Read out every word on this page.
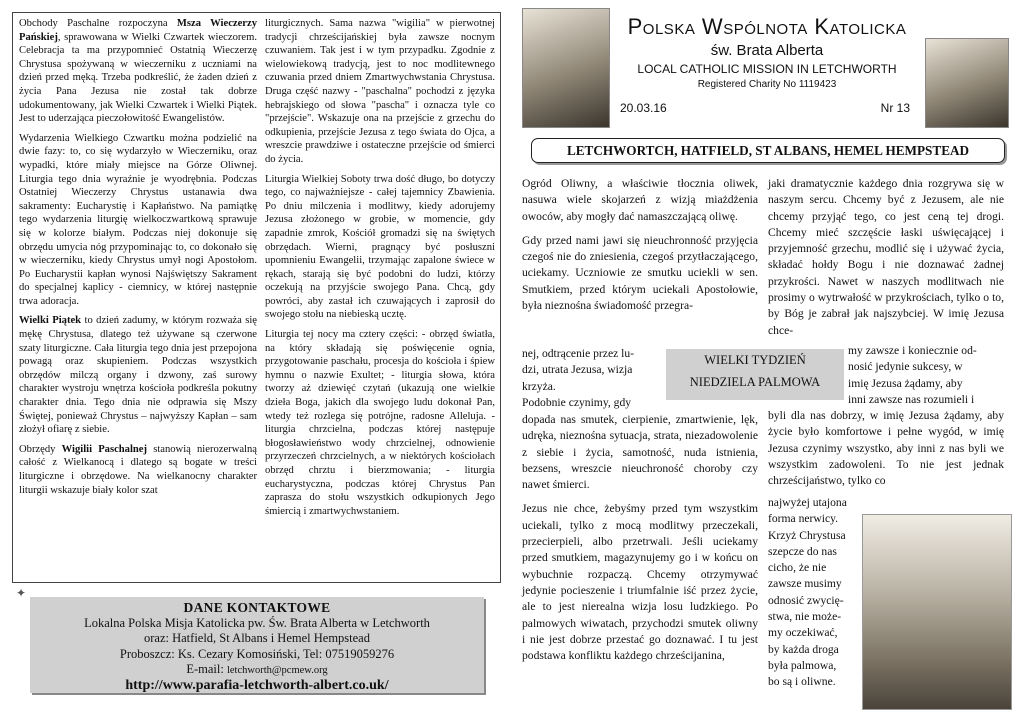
Obchody Paschalne rozpoczyna Msza Wieczerzy Pańskiej, sprawowana w Wielki Czwartek wieczorem. Celebracja ta ma przypomnieć Ostatnią Wieczerzę Chrystusa spożywaną w wieczerniku z uczniami na dzień przed męką. Trzeba podkreślić, że żaden dzień z życia Pana Jezusa nie został tak dobrze udokumentowany, jak Wielki Czwartek i Wielki Piątek. Jest to uderzająca pieczołowitość Ewangelistów.

Wydarzenia Wielkiego Czwartku można podzielić na dwie fazy: to, co się wydarzyło w Wieczerniku, oraz wypadki, które miały miejsce na Górze Oliwnej. Liturgia tego dnia wyraźnie je wyodrębnia. Podczas Ostatniej Wieczerzy Chrystus ustanawia dwa sakramenty: Eucharystię i Kapłaństwo. Na pamiątkę tego wydarzenia liturgię wielkoczwartkową sprawuje się w kolorze białym. Podczas niej dokonuje się obrzędu umycia nóg przypominając to, co dokonało się w wieczerniku, kiedy Chrystus umył nogi Apostołom. Po Eucharystii kapłan wynosi Najświętszy Sakrament do specjalnej kaplicy - ciemnicy, w której następnie trwa adoracja.

Wielki Piątek to dzień zadumy, w którym rozważa się mękę Chrystusa, dlatego też używane są czerwone szaty liturgiczne. Cała liturgia tego dnia jest przepojona powagą oraz skupieniem. Podczas wszystkich obrzędów milczą organy i dzwony, zaś surowy charakter wystroju wnętrza kościoła podkreśla pokutny charakter dnia. Tego dnia nie odprawia się Mszy Świętej, ponieważ Chrystus – najwyższy Kapłan – sam złożył ofiarę z siebie.

Obrzędy Wigilii Paschalnej stanowią nierozerwalną całość z Wielkanocą i dlatego są bogate w treści liturgiczne i obrzędowe. Na wielkanocny charakter liturgii wskazuje biały kolor szat

liturgicznych. Sama nazwa "wigilia" w pierwotnej tradycji chrześcijańskiej była zawsze nocnym czuwaniem. Tak jest i w tym przypadku. Zgodnie z wielowiekową tradycją, jest to noc modlitewnego czuwania przed dniem Zmartwychwstania Chrystusa. Druga część nazwy - "paschalna" pochodzi z języka hebrajskiego od słowa "pascha" i oznacza tyle co "przejście". Wskazuje ona na przejście z grzechu do odkupienia, przejście Jezusa z tego świata do Ojca, a wreszcie prawdziwe i ostateczne przejście od śmierci do życia.

Liturgia Wielkiej Soboty trwa dość długo, bo dotyczy tego, co najważniejsze - całej tajemnicy Zbawienia. Po dniu milczenia i modlitwy, kiedy adorujemy Jezusa złożonego w grobie, w momencie, gdy zapadnie zmrok, Kościół gromadzi się na świętych obrzędach. Wierni, pragnący być posłuszni upomnieniu Ewangelii, trzymając zapalone świece w rękach, starają się być podobni do ludzi, którzy oczekują na przyjście swojego Pana. Chcą, gdy powróci, aby zastał ich czuwających i zaprosił do swojego stołu na niebieską ucztę.

Liturgia tej nocy ma cztery części: - obrzęd światła, na który składają się poświęcenie ognia, przygotowanie paschału, procesja do kościoła i śpiew hymnu o nazwie Exultet; - liturgia słowa, która tworzy aż dziewięć czytań (ukazują one wielkie dzieła Boga, jakich dla swojego ludu dokonał Pan, wtedy też rozlega się potrójne, radosne Alleluja. - liturgia chrzcielna, podczas której następuje błogosławieństwo wody chrzcielnej, odnowienie przyrzeczeń chrzcielnych, a w niektórych kościołach obrzęd chrztu i bierzmowania; - liturgia eucharystyczna, podczas której Chrystus Pan zaprasza do stołu wszystkich odkupionych Jego śmiercią i zmartwychwstaniem.

✦
DANE KONTAKTOWE
Lokalna Polska Misja Katolicka pw. Św. Brata Alberta w Letchworth
oraz: Hatfield, St Albans i Hemel Hempstead
Proboszcz: Ks. Cezary Komosiński, Tel: 07519059276
E-mail: letchworth@pcmew.org
http://www.parafia-letchworth-albert.co.uk/
Polska Wspólnota Katolicka
św. Brata Alberta
LOCAL CATHOLIC MISSION IN LETCHWORTH
Registered Charity No 1119423
20.03.16	Nr 13
LETCHWORTCH, HATFIELD, ST ALBANS, HEMEL HEMPSTEAD

Ogród Oliwny, a właściwie tłocznia oliwek, nasuwa wiele skojarzeń z wizją miażdżenia owoców, aby mogły dać namaszczającą oliwę.

Gdy przed nami jawi się nieuchronność przyjęcia czegoś nie do zniesienia, czegoś przytłaczającego, uciekamy. Uczniowie ze smutku uciekli w sen. Smutkiem, przed którym uciekali Apostołowie, była nieznośna świadomość przegra-

nej, odtrącenie przez lu-

dzi, utrata Jezusa, wizja

krzyża.

Podobnie czynimy, gdy

dopada nas smutek, cierpienie, zmartwienie, lęk, udręka, nieznośna sytuacja, strata, niezadowolenie z siebie i życia, samotność, nuda istnienia, bezsens, wreszcie nieuchroność choroby czy nawet śmierci.

Jezus nie chce, żebyśmy przed tym wszystkim uciekali, tylko z mocą modlitwy przeczekali, przecierpieli, albo przetrwali. Jeśli uciekamy przed smutkiem, magazynujemy go i w końcu on wybuchnie rozpaczą. Chcemy otrzymywać jedynie pocieszenie i triumfalnie iść przez życie, ale to jest nierealna wizja losu ludzkiego. Po palmowych wiwatach, przychodzi smutek oliwny i nie jest dobrze przestać go doznawać. I tu jest podstawa konfliktu każdego chrześcijanina,

WIELKI TYDZIEŃ
NIEDZIELA PALMOWA

jaki dramatycznie każdego dnia rozgrywa się w naszym sercu. Chcemy być z Jezusem, ale nie chcemy przyjąć tego, co jest ceną tej drogi. Chcemy mieć szczęście łaski uświęcającej i przyjemność grzechu, modlić się i używać życia, składać hołdy Bogu i nie doznawać żadnej przykrości. Nawet w naszych modlitwach nie prosimy o wytrwałość w przykrościach, tylko o to, by Bóg je zabrał jak najszybciej. W imię Jezusa chce-

my zawsze i koniecznie od-

nosić jedynie sukcesy, w

imię Jezusa żądamy, aby

inni zawsze nas rozumieli i

byli dla nas dobrzy, w imię Jezusa żądamy, aby życie było komfortowe i pełne wygód, w imię Jezusa czynimy wszystko, aby inni z nas byli we wszystkim zadowoleni. To nie jest jednak chrześcijaństwo, tylko co

najwyżej utajona

forma nerwicy.

Krzyż Chrystusa

szepcze do nas

cicho, że nie

zawsze musimy

odnosić zwycię-

stwa, nie może-

my oczekiwać,

by każda droga

była palmowa,

bo są i oliwne.
